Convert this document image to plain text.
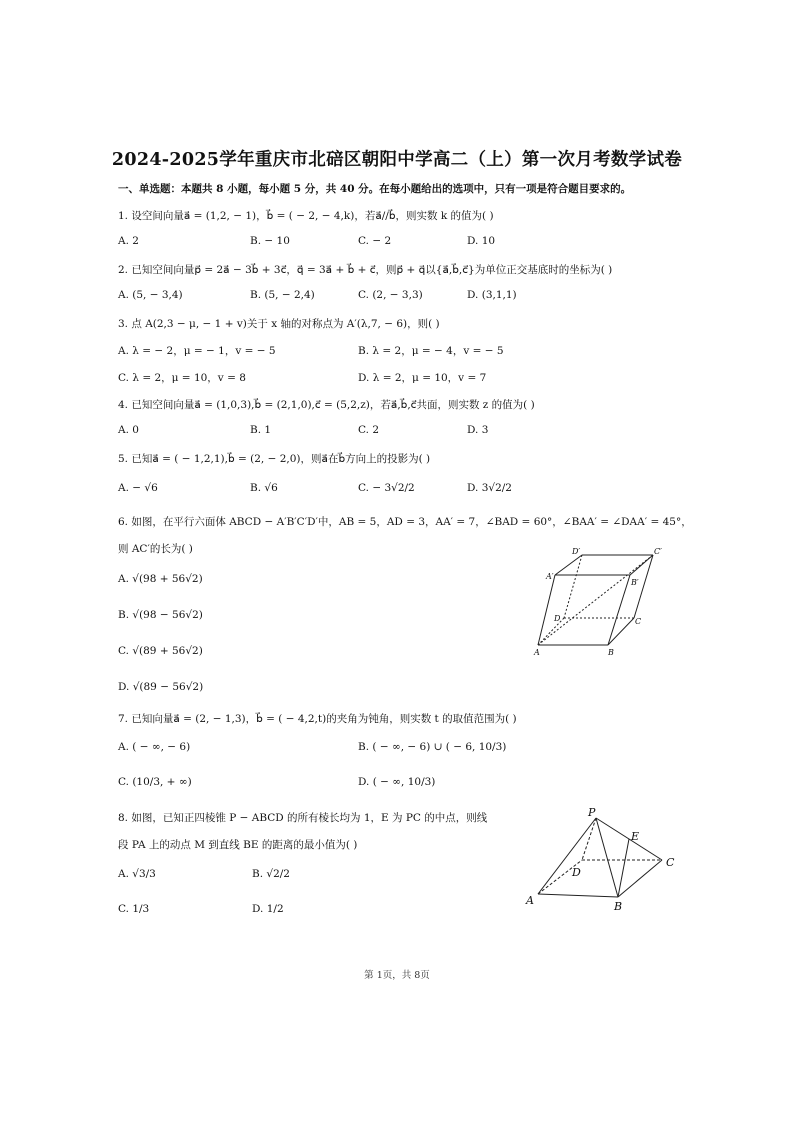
2024-2025学年重庆市北碚区朝阳中学高二（上）第一次月考数学试卷
一、单选题：本题共 8 小题，每小题 5 分，共 40 分。在每小题给出的选项中，只有一项是符合题目要求的。
1. 设空间向量a⃗ = (1,2, − 1)，b⃗ = ( − 2, − 4,k)，若a⃗//b⃗，则实数 k 的值为( )
A. 2	B. − 10	C. − 2	D. 10
2. 已知空间向量p⃗ = 2a⃗ − 3b⃗ + 3c⃗，q⃗ = 3a⃗ + b⃗ + c⃗，则p⃗ + q⃗以{a⃗,b⃗,c⃗}为单位正交基底时的坐标为( )
A. (5, − 3,4)	B. (5, − 2,4)	C. (2, − 3,3)	D. (3,1,1)
3. 点 A(2,3 − μ, − 1 + v)关于 x 轴的对称点为 A′(λ,7, − 6)，则( )
A. λ = − 2，μ = − 1，v = − 5	B. λ = 2，μ = − 4，v = − 5
C. λ = 2，μ = 10，v = 8	D. λ = 2，μ = 10，v = 7
4. 已知空间向量a⃗ = (1,0,3),b⃗ = (2,1,0),c⃗ = (5,2,z)，若a⃗,b⃗,c⃗共面，则实数 z 的值为( )
A. 0	B. 1	C. 2	D. 3
5. 已知a⃗ = ( − 1,2,1),b⃗ = (2, − 2,0)，则a⃗在b⃗方向上的投影为( )
A. − √6	B. √6	C. − 3√2/2	D. 3√2/2
6. 如图，在平行六面体 ABCD − A′B′C′D′中，AB = 5，AD = 3，AA′ = 7，∠BAD = 60°，∠BAA′ = ∠DAA′ = 45°，
则 AC′的长为( )
A. √(98 + 56√2)
B. √(98 − 56√2)
C. √(89 + 56√2)
D. √(89 − 56√2)
D′	C′
A′
B′
D	C
A	B
7. 已知向量a⃗ = (2, − 1,3)，b⃗ = ( − 4,2,t)的夹角为钝角，则实数 t 的取值范围为( )
A. ( − ∞, − 6)	B. ( − ∞, − 6) ∪ ( − 6, 10/3)
C. (10/3, + ∞)	D. ( − ∞, 10/3)
8. 如图，已知正四棱锥 P − ABCD 的所有棱长均为 1，E 为 PC 的中点，则线
段 PA 上的动点 M 到直线 BE 的距离的最小值为( )
A. √3/3	B. √2/2
C. 1/3	D. 1/2
P
E
C
D
A	B
第 1页，共 8页
